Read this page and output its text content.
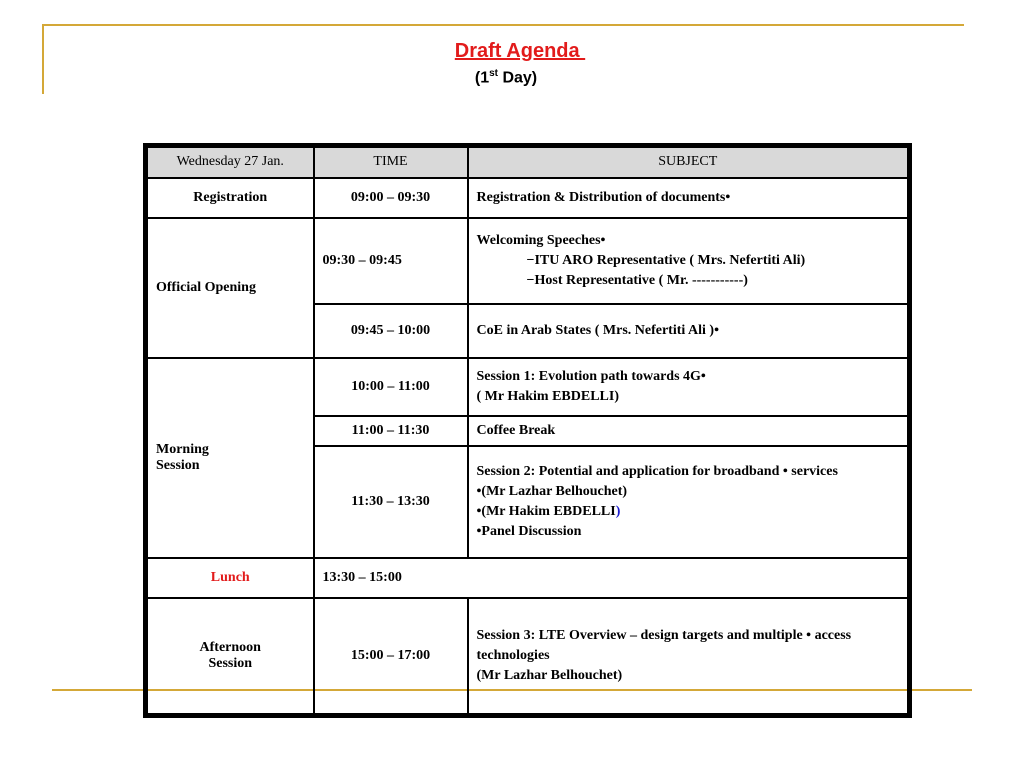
Draft Agenda
(1st Day)
Wednesday 27 Jan.	TIME	SUBJECT
Registration	09:00 – 09:30	Registration & Distribution of documents•
Official Opening	09:30 – 09:45	Welcoming Speeches•
−ITU ARO Representative ( Mrs. Nefertiti Ali)
−Host Representative ( Mr. -----------)

	09:45 – 10:00	CoE in Arab States ( Mrs. Nefertiti Ali )•

Morning
Session	10:00 – 11:00	Session 1: Evolution path towards 4G•
( Mr Hakim EBDELLI)

	11:00 – 11:30	Coffee Break
	11:30 – 13:30	Session 2: Potential and application for broadband • services
•(Mr Lazhar Belhouchet)
•(Mr Hakim EBDELLI)
•Panel Discussion

Lunch	13:30 – 15:00	

Afternoon
Session	15:00 – 17:00	Session 3: LTE Overview – design targets and multiple • access technologies
(Mr Lazhar Belhouchet)
